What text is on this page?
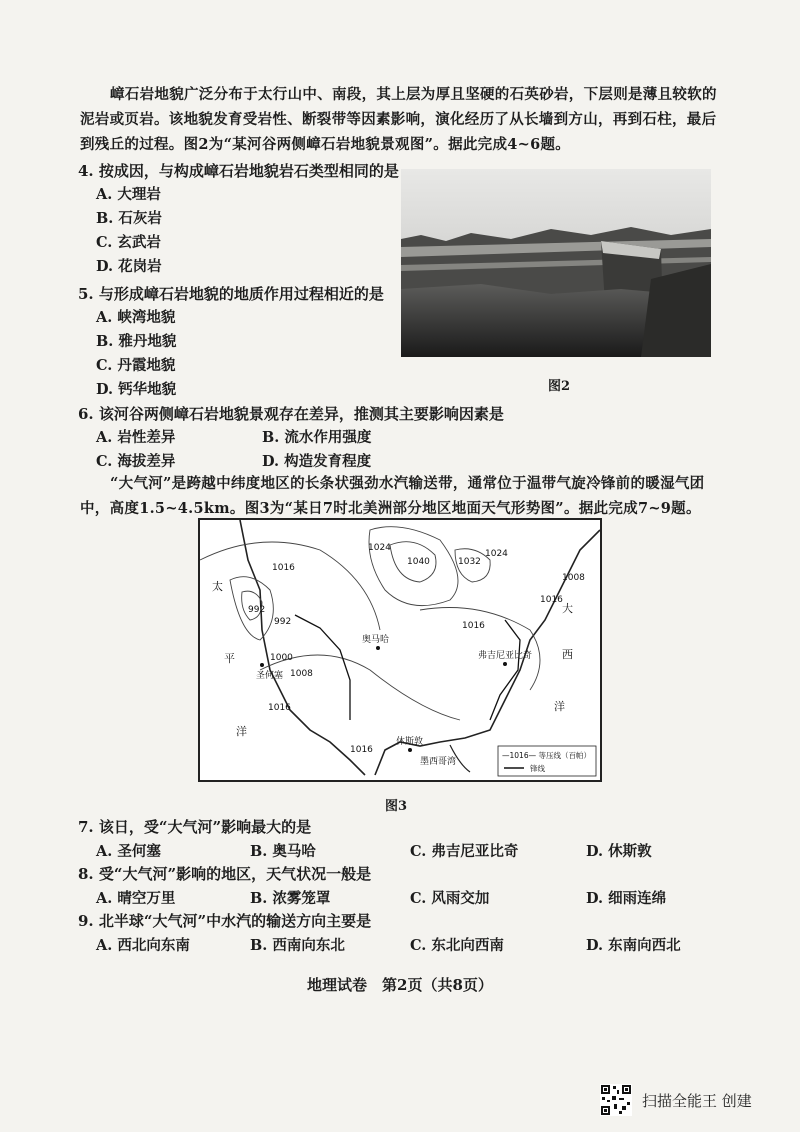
嶂石岩地貌广泛分布于太行山中、南段，其上层为厚且坚硬的石英砂岩，下层则是薄且较软的泥岩或页岩。该地貌发育受岩性、断裂带等因素影响，演化经历了从长墙到方山，再到石柱，最后到残丘的过程。图2为“某河谷两侧嶂石岩地貌景观图”。据此完成4~6题。
4. 按成因，与构成嶂石岩地貌岩石类型相同的是
A. 大理岩
B. 石灰岩
C. 玄武岩
D. 花岗岩
5. 与形成嶂石岩地貌的地质作用过程相近的是
A. 峡湾地貌
B. 雅丹地貌
C. 丹霞地貌
D. 钙华地貌	图2
6. 该河谷两侧嶂石岩地貌景观存在差异，推测其主要影响因素是
A. 岩性差异	B. 流水作用强度
C. 海拔差异	D. 构造发育程度
“大气河”是跨越中纬度地区的长条状强劲水汽输送带，通常位于温带气旋冷锋前的暖湿气团中，高度1.5~4.5km。图3为“某日7时北美洲部分地区地面天气形势图”。据此完成7~9题。
1024
1040	1032
1024
1008
1016
992
992
1000
1008
1016
1016
1016
1016
奥马哈
圣何塞
弗吉尼亚比奇
休斯敦
太
平
洋
大
西
洋
墨西哥湾
—1016— 等压线（百帕）
锋线
图3
7. 该日，受“大气河”影响最大的是
A. 圣何塞	B. 奥马哈	C. 弗吉尼亚比奇	D. 休斯敦
8. 受“大气河”影响的地区，天气状况一般是
A. 晴空万里	B. 浓雾笼罩	C. 风雨交加	D. 细雨连绵
9. 北半球“大气河”中水汽的输送方向主要是
A. 西北向东南	B. 西南向东北	C. 东北向西南	D. 东南向西北
地理试卷　第2页（共8页）
扫描全能王 创建
